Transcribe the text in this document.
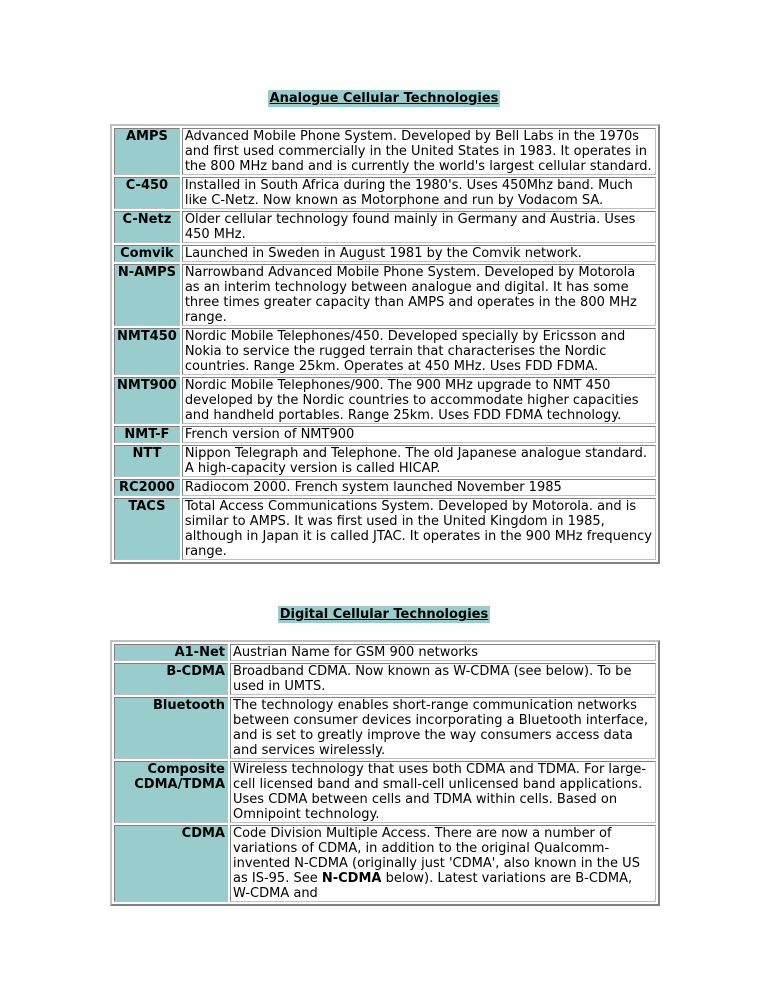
Analogue Cellular Technologies
AMPS	Advanced Mobile Phone System. Developed by Bell Labs in the 1970s and first used commercially in the United States in 1983. It operates in the 800 MHz band and is currently the world's largest cellular standard.
C-450	Installed in South Africa during the 1980's. Uses 450Mhz band. Much like C-Netz. Now known as Motorphone and run by Vodacom SA.
C-Netz	Older cellular technology found mainly in Germany and Austria. Uses 450 MHz.
Comvik	Launched in Sweden in August 1981 by the Comvik network.
N-AMPS	Narrowband Advanced Mobile Phone System. Developed by Motorola as an interim technology between analogue and digital. It has some three times greater capacity than AMPS and operates in the 800 MHz range.
NMT450	Nordic Mobile Telephones/450. Developed specially by Ericsson and Nokia to service the rugged terrain that characterises the Nordic countries. Range 25km. Operates at 450 MHz. Uses FDD FDMA.
NMT900	Nordic Mobile Telephones/900. The 900 MHz upgrade to NMT 450 developed by the Nordic countries to accommodate higher capacities and handheld portables. Range 25km. Uses FDD FDMA technology.
NMT-F	French version of NMT900
NTT	Nippon Telegraph and Telephone. The old Japanese analogue standard. A high-capacity version is called HICAP.
RC2000	Radiocom 2000. French system launched November 1985
TACS	Total Access Communications System. Developed by Motorola. and is similar to AMPS. It was first used in the United Kingdom in 1985, although in Japan it is called JTAC. It operates in the 900 MHz frequency range.
Digital Cellular Technologies
A1-Net	Austrian Name for GSM 900 networks
B-CDMA	Broadband CDMA. Now known as W-CDMA (see below). To be used in UMTS.
Bluetooth	The technology enables short-range communication networks between consumer devices incorporating a Bluetooth interface, and is set to greatly improve the way consumers access data and services wirelessly.
Composite CDMA/TDMA	Wireless technology that uses both CDMA and TDMA. For large-cell licensed band and small-cell unlicensed band applications. Uses CDMA between cells and TDMA within cells. Based on Omnipoint technology.
CDMA	Code Division Multiple Access. There are now a number of variations of CDMA, in addition to the original Qualcomm-invented N-CDMA (originally just 'CDMA', also known in the US as IS-95. See N-CDMA below). Latest variations are B-CDMA, W-CDMA and
